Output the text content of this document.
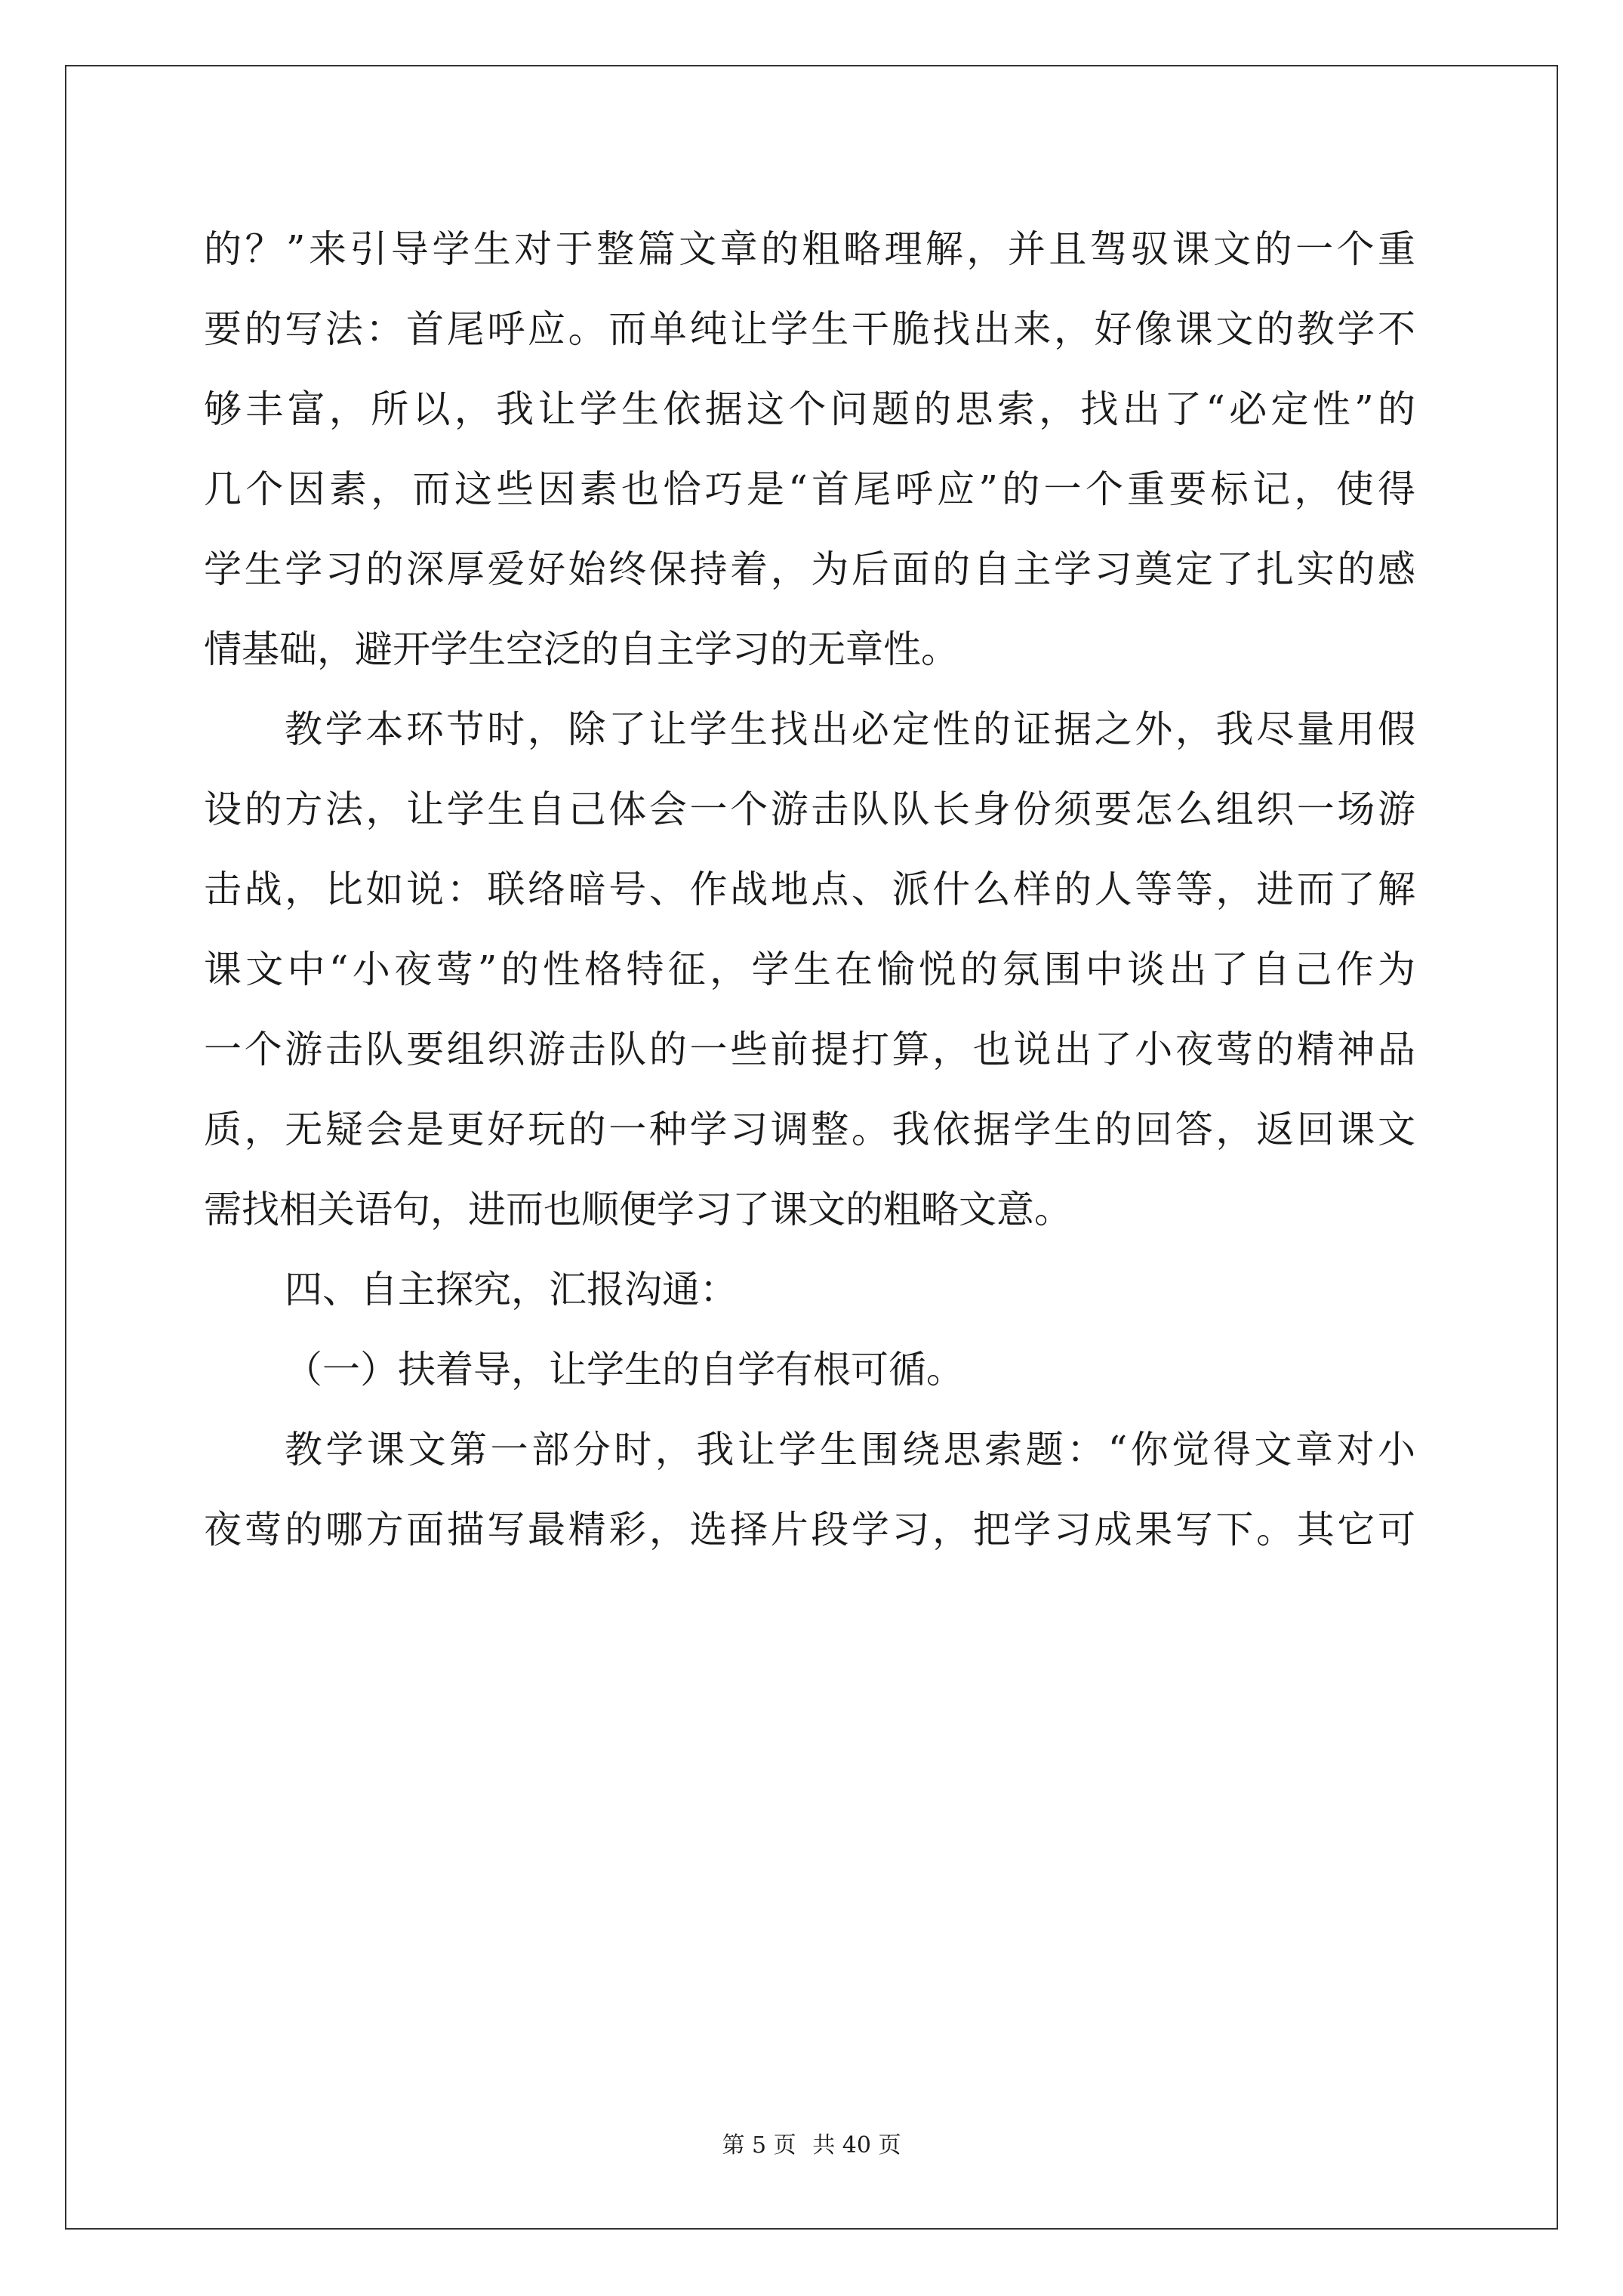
的？”来引导学生对于整篇文章的粗略理解，并且驾驭课文的一个重
要的写法：首尾呼应。而单纯让学生干脆找出来，好像课文的教学不
够丰富，所以，我让学生依据这个问题的思索，找出了“必定性”的
几个因素，而这些因素也恰巧是“首尾呼应”的一个重要标记，使得
学生学习的深厚爱好始终保持着，为后面的自主学习奠定了扎实的感
情基础，避开学生空泛的自主学习的无章性。
教学本环节时，除了让学生找出必定性的证据之外，我尽量用假
设的方法，让学生自己体会一个游击队队长身份须要怎么组织一场游
击战，比如说：联络暗号、作战地点、派什么样的人等等，进而了解
课文中“小夜莺”的性格特征，学生在愉悦的氛围中谈出了自己作为
一个游击队要组织游击队的一些前提打算，也说出了小夜莺的精神品
质，无疑会是更好玩的一种学习调整。我依据学生的回答，返回课文
需找相关语句，进而也顺便学习了课文的粗略文意。
四、自主探究，汇报沟通：
（一）扶着导，让学生的自学有根可循。
教学课文第一部分时，我让学生围绕思索题：“你觉得文章对小
夜莺的哪方面描写最精彩，选择片段学习，把学习成果写下。其它可
第 5 页 共 40 页
